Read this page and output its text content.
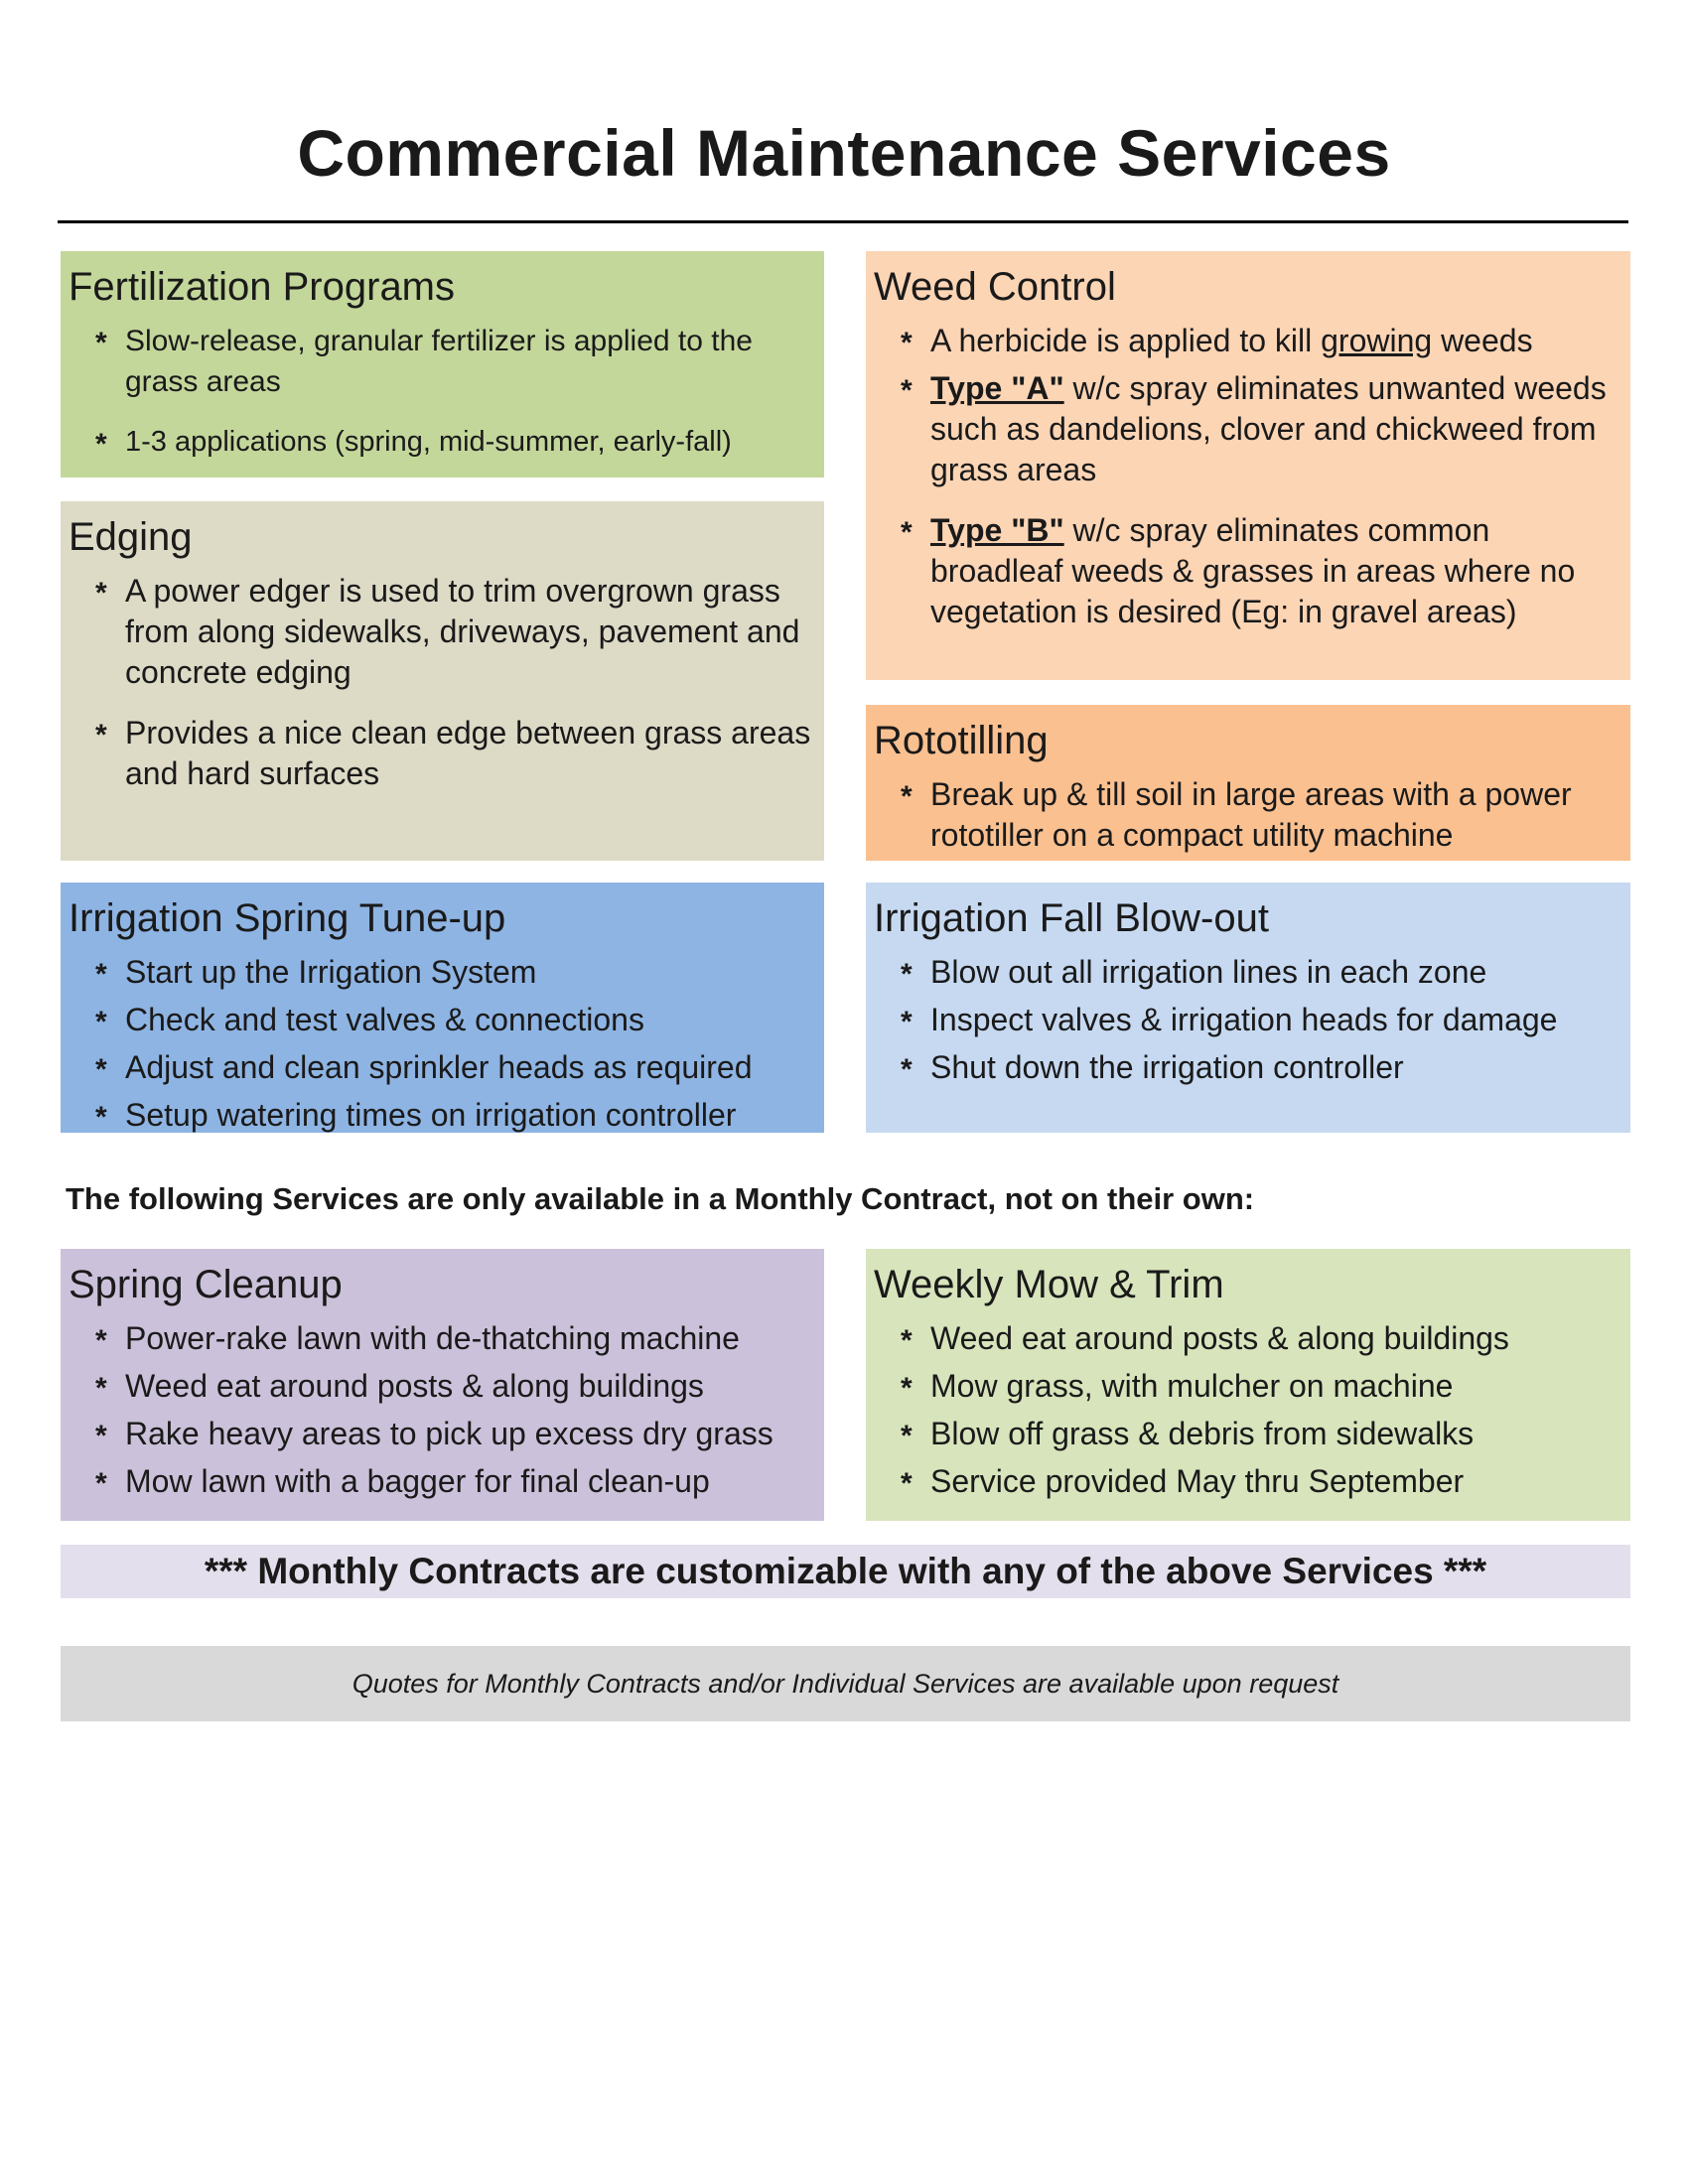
Commercial Maintenance Services
Fertilization Programs
* Slow-release, granular fertilizer is applied to the grass areas
* 1-3 applications (spring, mid-summer, early-fall)
Edging
* A power edger is used to trim overgrown grass from along sidewalks, driveways, pavement and concrete edging
* Provides a nice clean edge between grass areas and hard surfaces
Irrigation Spring Tune-up
* Start up the Irrigation System
* Check and test valves & connections
* Adjust and clean sprinkler heads as required
* Setup watering times on irrigation controller
Weed Control
* A herbicide is applied to kill growing weeds
* Type "A" w/c spray eliminates unwanted weeds such as dandelions, clover and chickweed from grass areas
* Type "B" w/c spray eliminates common broadleaf weeds & grasses in areas where no vegetation is desired (Eg: in gravel areas)
Rototilling
* Break up & till soil in large areas with a power rototiller on a compact utility machine
Irrigation Fall Blow-out
* Blow out all irrigation lines in each zone
* Inspect valves & irrigation heads for damage
* Shut down the irrigation controller
The following Services are only available in a Monthly Contract, not on their own:
Spring Cleanup
* Power-rake lawn with de-thatching machine
* Weed eat around posts & along buildings
* Rake heavy areas to pick up excess dry grass
* Mow lawn with a bagger for final clean-up
Weekly Mow & Trim
* Weed eat around posts & along buildings
* Mow grass, with mulcher on machine
* Blow off grass & debris from sidewalks
* Service provided May thru September
*** Monthly Contracts are customizable with any of the above Services ***
Quotes for Monthly Contracts and/or Individual Services are available upon request
